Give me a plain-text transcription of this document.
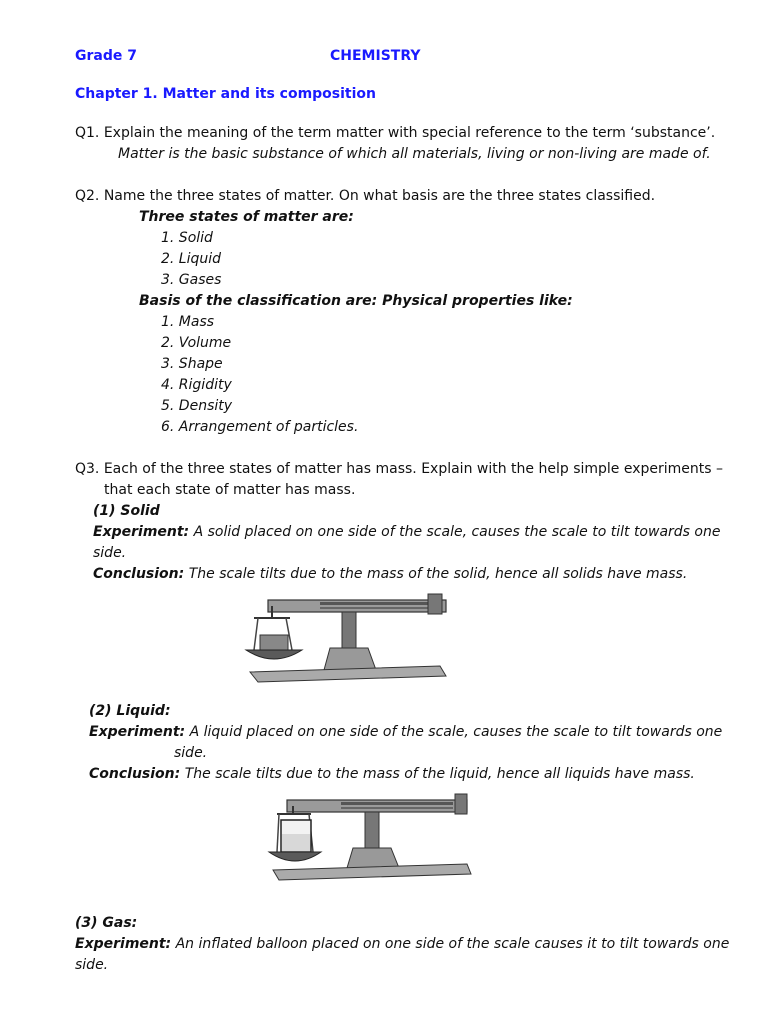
Grade 7	CHEMISTRY
Chapter 1. Matter and its composition
Q1. Explain the meaning of the term matter with special reference to the term ‘substance’.
Matter is the basic substance of which all materials, living or non-living are made of.
Q2. Name the three states of matter. On what basis are the three states classified.
Three states of matter are:
1. Solid
2. Liquid
3. Gases
Basis of the classification are: Physical properties like:
1. Mass
2. Volume
3. Shape
4. Rigidity
5. Density
6. Arrangement of particles.
Q3. Each of the three states of matter has mass. Explain with the help simple experiments –
that each state of matter has mass.
(1) Solid
Experiment: A solid placed on one side of the scale, causes the scale to tilt towards one
side.
Conclusion: The scale tilts due to the mass of the solid, hence all solids have mass.
(2) Liquid:
Experiment: A liquid placed on one side of the scale, causes the scale to tilt towards one
side.
Conclusion: The scale tilts due to the mass of the liquid, hence all liquids have mass.
(3) Gas:
Experiment: An inflated balloon placed on one side of the scale causes it to tilt towards one
side.
